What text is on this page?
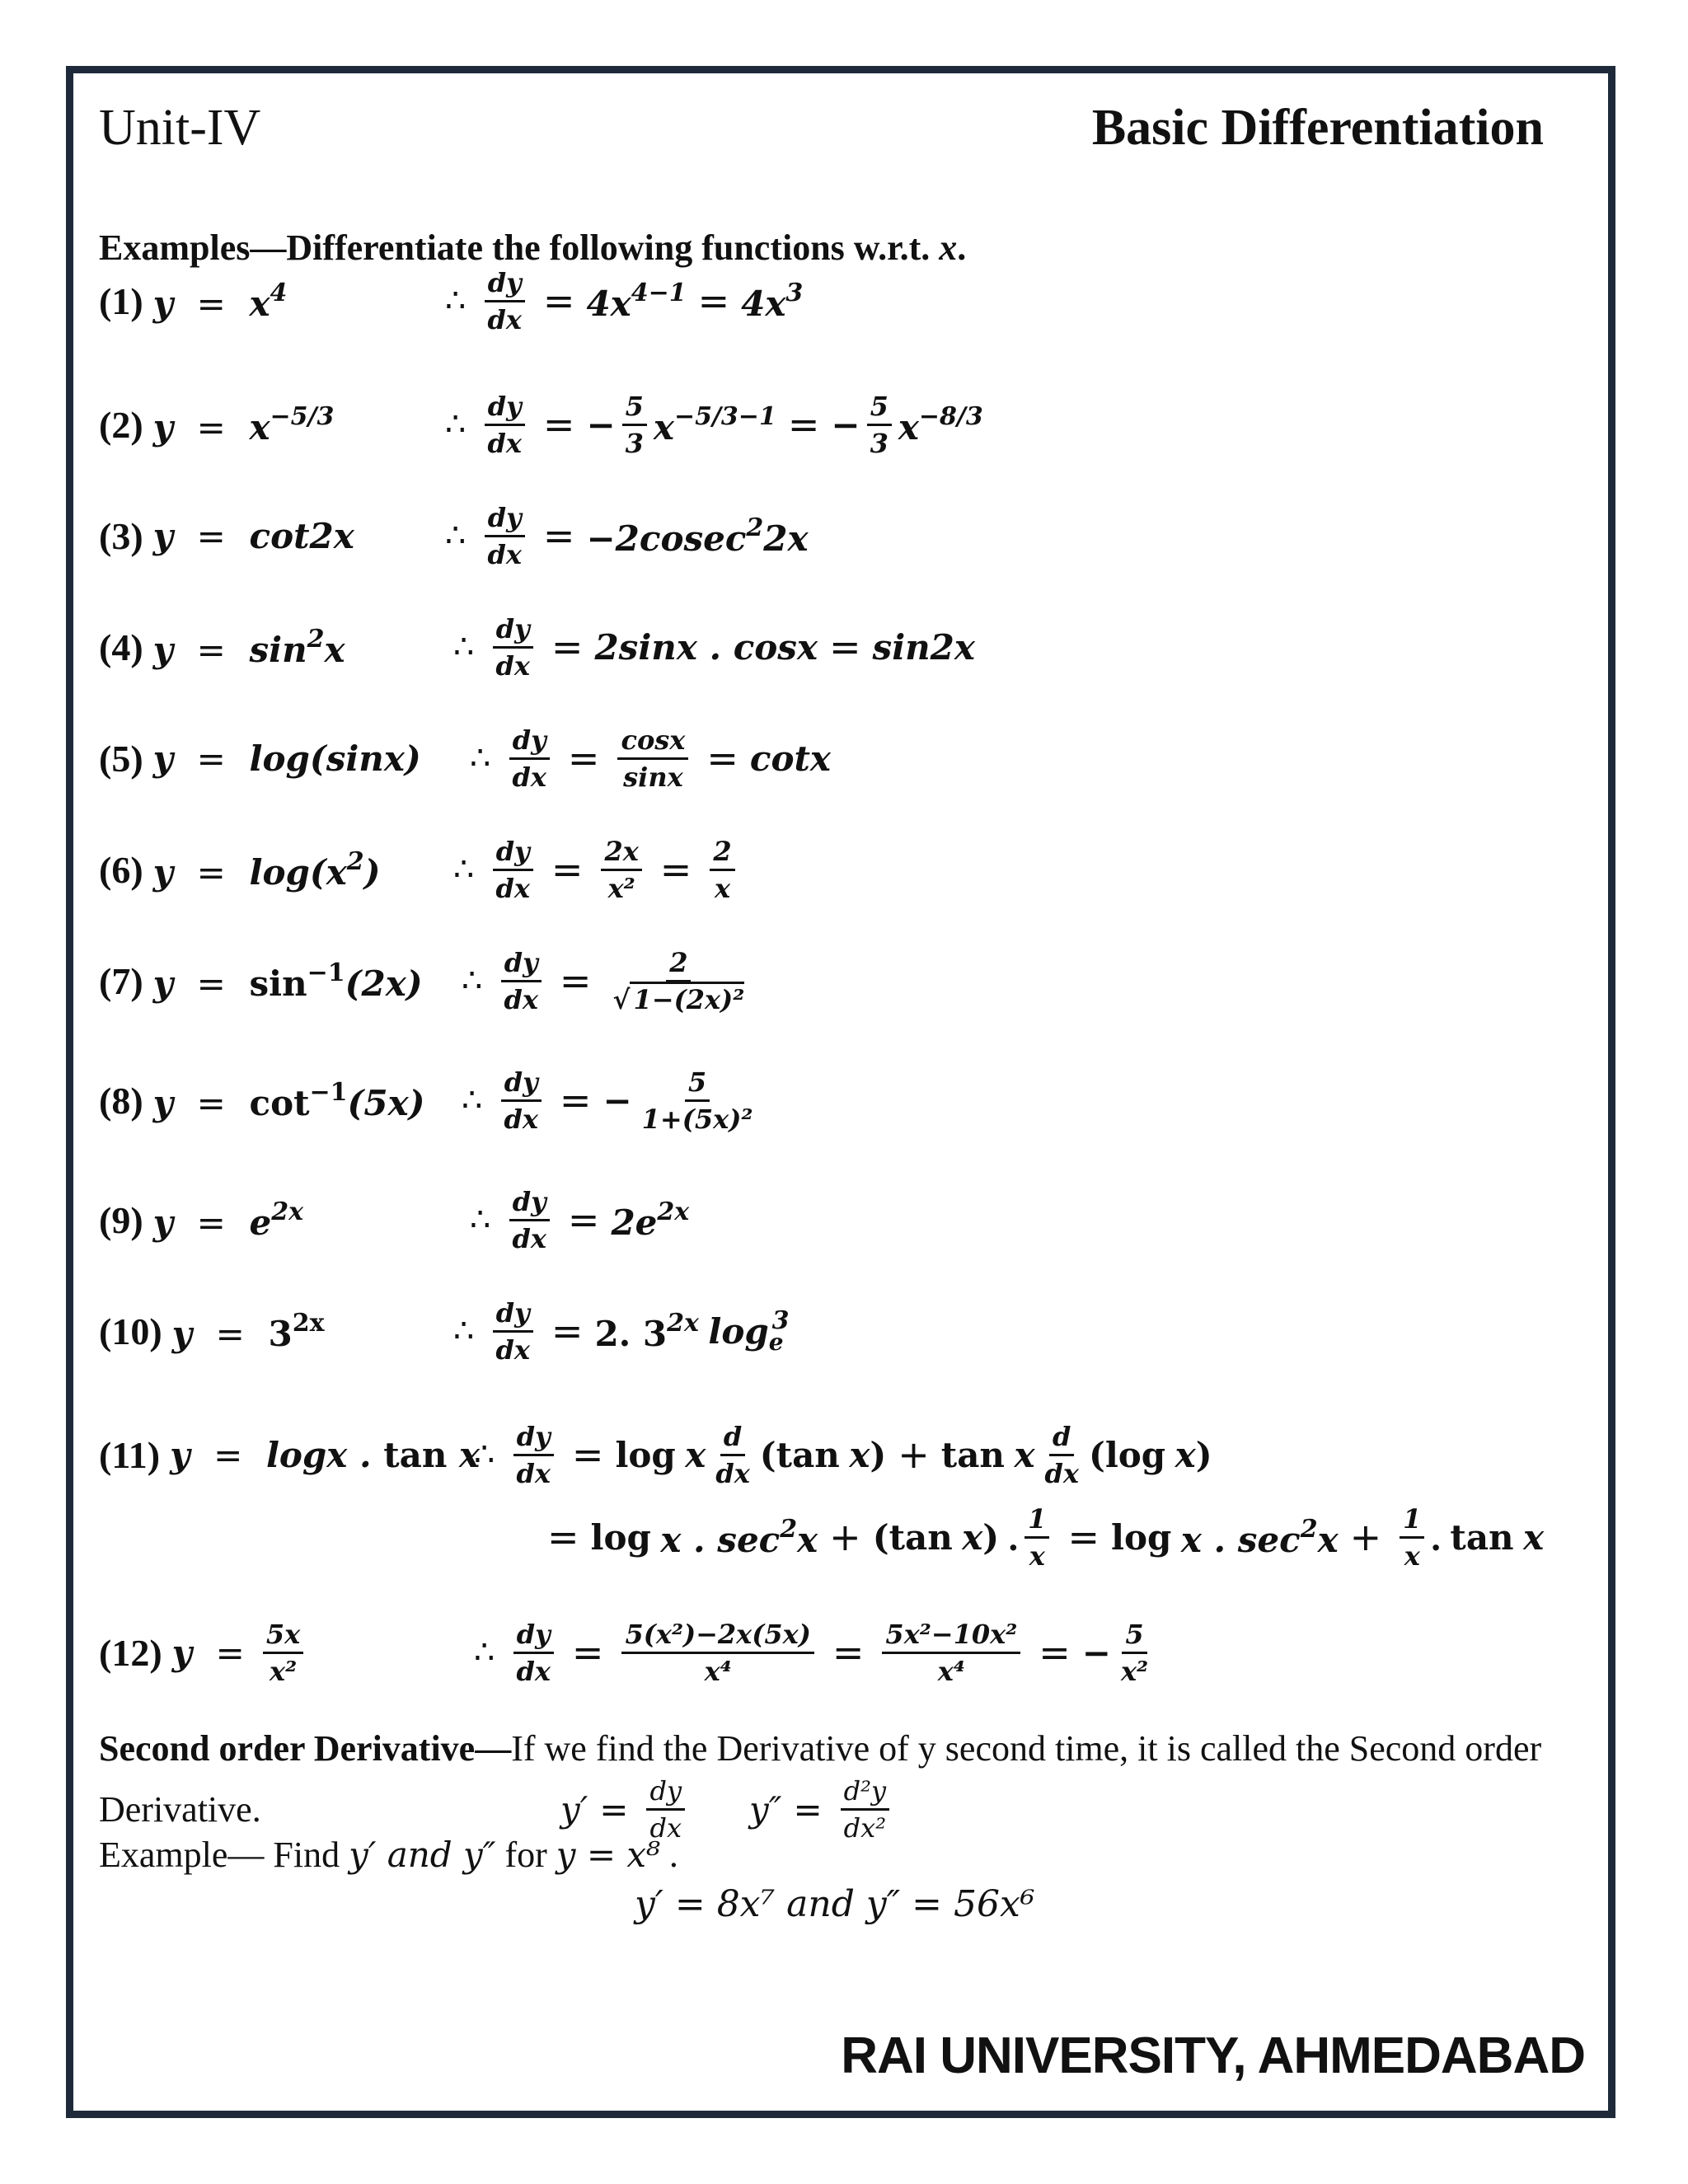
Unit-IV	Basic Differentiation
Examples—Differentiate the following functions w.r.t. x.
(1) $y = x^4$	∴ $\frac{dy}{dx} = 4x^{4-1} = 4x^3$
(2) $y = x^{-5/3}$	∴ $\frac{dy}{dx}$ = − $\frac{5}{3} x^{-5/3-1}$ = − $\frac{5}{3} x^{-8/3}$
(3) y = cot2x	∴ $\frac{dy}{dx} = -2cosec^22x$
(4) $y = \sin^2x$	∴ $\frac{dy}{dx} = 2\sin x$ . cosx = sin2x
(5) y = log(sinx) ∴ $\frac{dy}{dx} = \frac{\cos x}{\sin x} = \cot x$
(6) $y = \log(x^2)$ ∴ $\frac{dy}{dx} = \frac{2x}{\text{x²}} = \frac{2}{x}$
(7) $y = \sin^{-1}(2x)$ ∴ $\frac{dy}{dx} = \frac{2}{\text{√ 1−(2x)²}}$
(8) $y = \cot^{-1}(5x)$ ∴ $\frac{dy}{dx}$ = − $\frac{5}{\text{1+(5x)²}}$
(9) $y = e^{2x}$	∴ $\frac{dy}{dx} = 2e^{2x}$
(10) $y = 3^{2x}$	∴ $\frac{dy}{dx} = 2$. $3^{2x}$
$\log_e^3$
(11) y = logx . tan x
∴ $\frac{dy}{dx} = \log$
x $\frac{d}{dx} (\tan$
x ) + tan
x $\frac{d}{dx} (\log$
x )
= log
x . $\sec^2x + (\tan$
x ) . $\frac{1}{x} = \log$
x . $\sec^2x + \frac{1}{x}$ . tan
x
(12) $y = \frac{5x}{\text{x²}}$	∴ $\frac{dy}{dx} = \frac{\text{5(x²)−2x(5x)}}{\text{x⁴}} = \frac{\text{5x²−10x²}}{\text{x⁴}}$ = − $\frac{5}{\text{x²}}$
Second order Derivative—If we find the Derivative of y second time, it is called the Second order Derivative.	$y' = \frac{dy}{dx} y'' = \frac{\text{d²y}}{\text{dx²}}$
Example— Find y′ and y″ for y = x⁸ .
y′ = 8x⁷ and y″ = 56x⁶
RAI UNIVERSITY, AHMEDABAD
